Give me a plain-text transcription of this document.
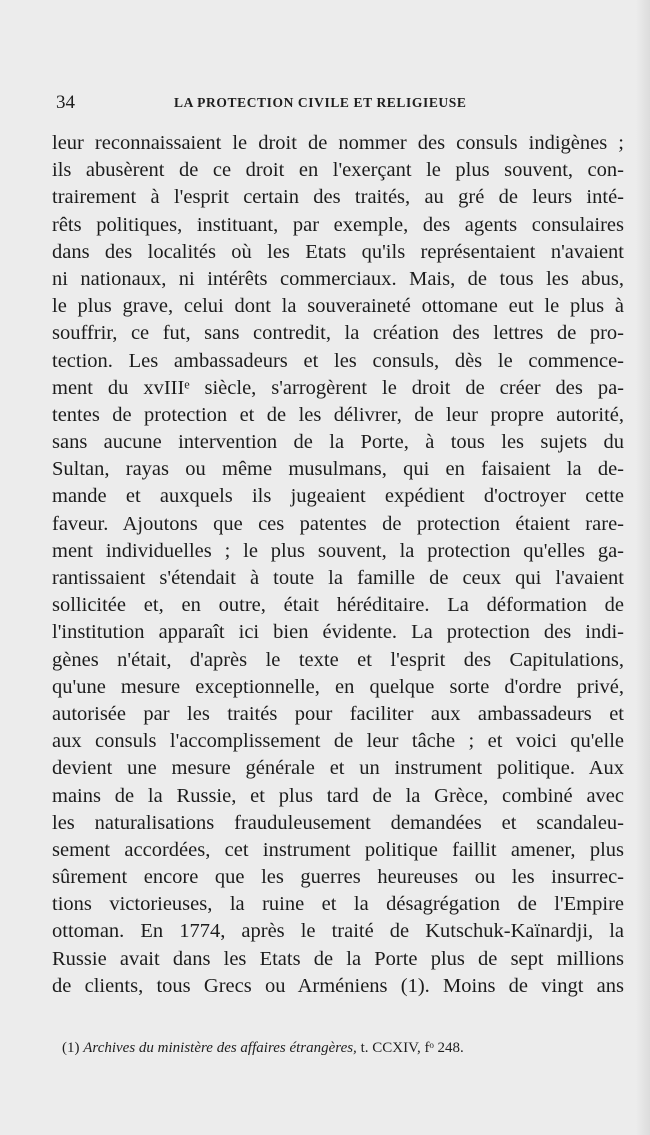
34	LA PROTECTION CIVILE ET RELIGIEUSE
leur reconnaissaient le droit de nommer des consuls indigènes ;
ils abusèrent de ce droit en l'exerçant le plus souvent, con-
trairement à l'esprit certain des traités, au gré de leurs inté-
rêts politiques, instituant, par exemple, des agents consulaires
dans des localités où les Etats qu'ils représentaient n'avaient
ni nationaux, ni intérêts commerciaux. Mais, de tous les abus,
le plus grave, celui dont la souveraineté ottomane eut le plus à
souffrir, ce fut, sans contredit, la création des lettres de pro-
tection. Les ambassadeurs et les consuls, dès le commence-
ment du xvIIIᵉ siècle, s'arrogèrent le droit de créer des pa-
tentes de protection et de les délivrer, de leur propre autorité,
sans aucune intervention de la Porte, à tous les sujets du
Sultan, rayas ou même musulmans, qui en faisaient la de-
mande et auxquels ils jugeaient expédient d'octroyer cette
faveur. Ajoutons que ces patentes de protection étaient rare-
ment individuelles ; le plus souvent, la protection qu'elles ga-
rantissaient s'étendait à toute la famille de ceux qui l'avaient
sollicitée et, en outre, était héréditaire. La déformation de
l'institution apparaît ici bien évidente. La protection des indi-
gènes n'était, d'après le texte et l'esprit des Capitulations,
qu'une mesure exceptionnelle, en quelque sorte d'ordre privé,
autorisée par les traités pour faciliter aux ambassadeurs et
aux consuls l'accomplissement de leur tâche ; et voici qu'elle
devient une mesure générale et un instrument politique. Aux
mains de la Russie, et plus tard de la Grèce, combiné avec
les naturalisations frauduleusement demandées et scandaleu-
sement accordées, cet instrument politique faillit amener, plus
sûrement encore que les guerres heureuses ou les insurrec-
tions victorieuses, la ruine et la désagrégation de l'Empire
ottoman. En 1774, après le traité de Kutschuk-Kaïnardji, la
Russie avait dans les Etats de la Porte plus de sept millions
de clients, tous Grecs ou Arméniens (1). Moins de vingt ans
(1) Archives du ministère des affaires étrangères, t. CCXIV, fᵒ 248.
